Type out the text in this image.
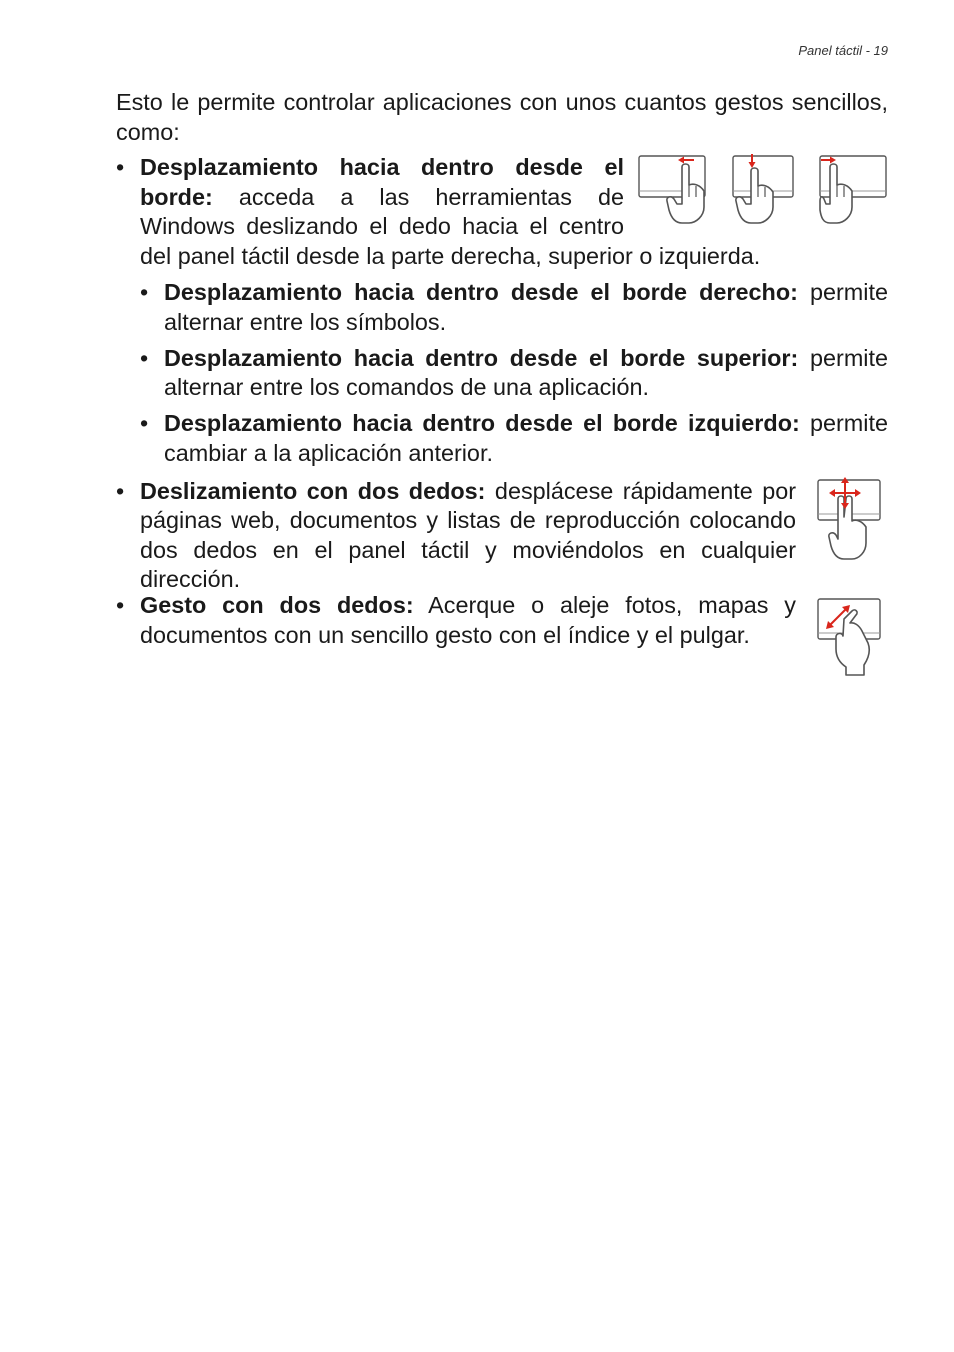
Panel táctil - 19

Esto le permite controlar aplicaciones con unos cuantos gestos sencillos, como:

• Desplazamiento hacia dentro desde el borde: acceda a las herramientas de Windows deslizando el dedo hacia el centro del panel táctil desde la parte derecha, superior o izquierda.
• Desplazamiento hacia dentro desde el borde derecho: permite alternar entre los símbolos.
• Desplazamiento hacia dentro desde el borde superior: permite alternar entre los comandos de una aplicación.
• Desplazamiento hacia dentro desde el borde izquierdo: permite cambiar a la aplicación anterior.
• Deslizamiento con dos dedos: desplácese rápidamente por páginas web, documentos y listas de reproducción colocando dos dedos en el panel táctil y moviéndolos en cualquier dirección.
• Gesto con dos dedos: Acerque o aleje fotos, mapas y documentos con un sencillo gesto con el índice y el pulgar.
